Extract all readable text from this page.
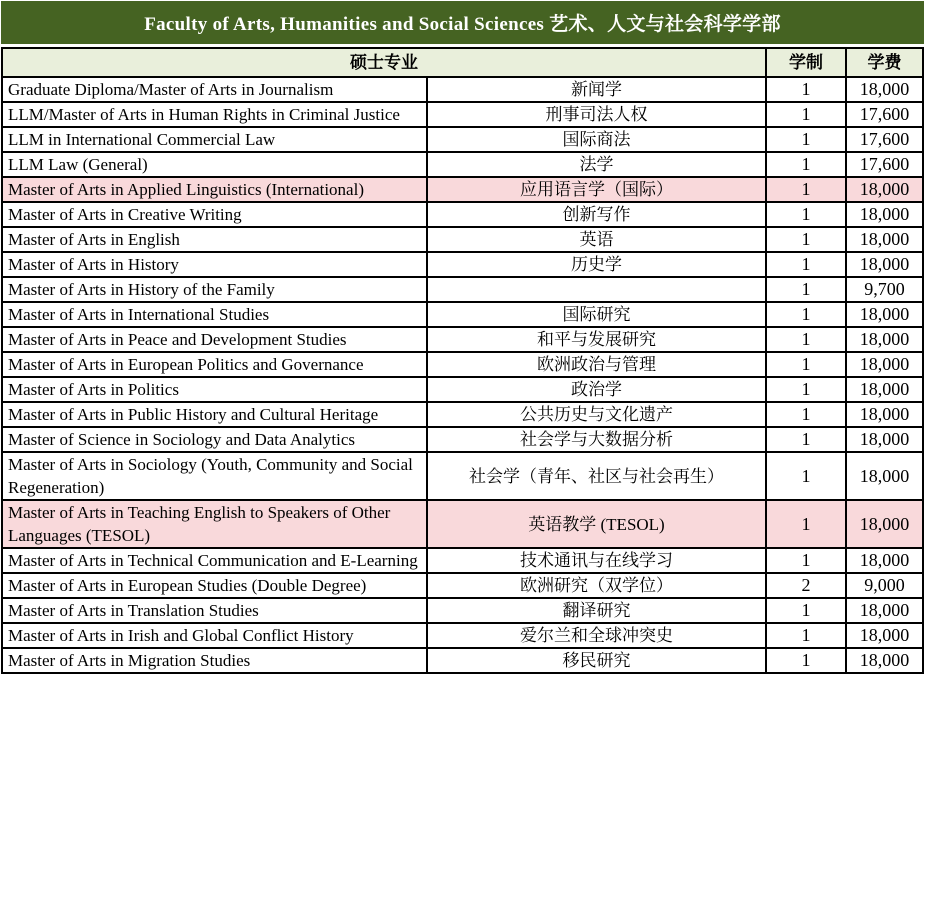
Faculty of Arts, Humanities and Social Sciences 艺术、人文与社会科学学部
硕士专业		学制	学费
Graduate Diploma/Master of Arts in Journalism	新闻学	1	18,000
LLM/Master of Arts in Human Rights in Criminal Justice	刑事司法人权	1	17,600
LLM in International Commercial Law	国际商法	1	17,600
LLM Law (General)	法学	1	17,600
Master of Arts in Applied Linguistics (International)	应用语言学（国际）	1	18,000
Master of Arts in Creative Writing	创新写作	1	18,000
Master of Arts in English	英语	1	18,000
Master of Arts in History	历史学	1	18,000
Master of Arts in History of the Family		1	9,700
Master of Arts in International Studies	国际研究	1	18,000
Master of Arts in Peace and Development Studies	和平与发展研究	1	18,000
Master of Arts in European Politics and Governance	欧洲政治与管理	1	18,000
Master of Arts in Politics	政治学	1	18,000
Master of Arts in Public History and Cultural Heritage	公共历史与文化遗产	1	18,000
Master of Science in Sociology and Data Analytics	社会学与大数据分析	1	18,000
Master of Arts in Sociology (Youth, Community and Social Regeneration)	社会学（青年、社区与社会再生）	1	18,000
Master of Arts in Teaching English to Speakers of Other Languages (TESOL)	英语教学 (TESOL)	1	18,000
Master of Arts in Technical Communication and E-Learning	技术通讯与在线学习	1	18,000
Master of Arts in European Studies (Double Degree)	欧洲研究（双学位）	2	9,000
Master of Arts in Translation Studies	翻译研究	1	18,000
Master of Arts in Irish and Global Conflict History	爱尔兰和全球冲突史	1	18,000
Master of Arts in Migration Studies	移民研究	1	18,000
